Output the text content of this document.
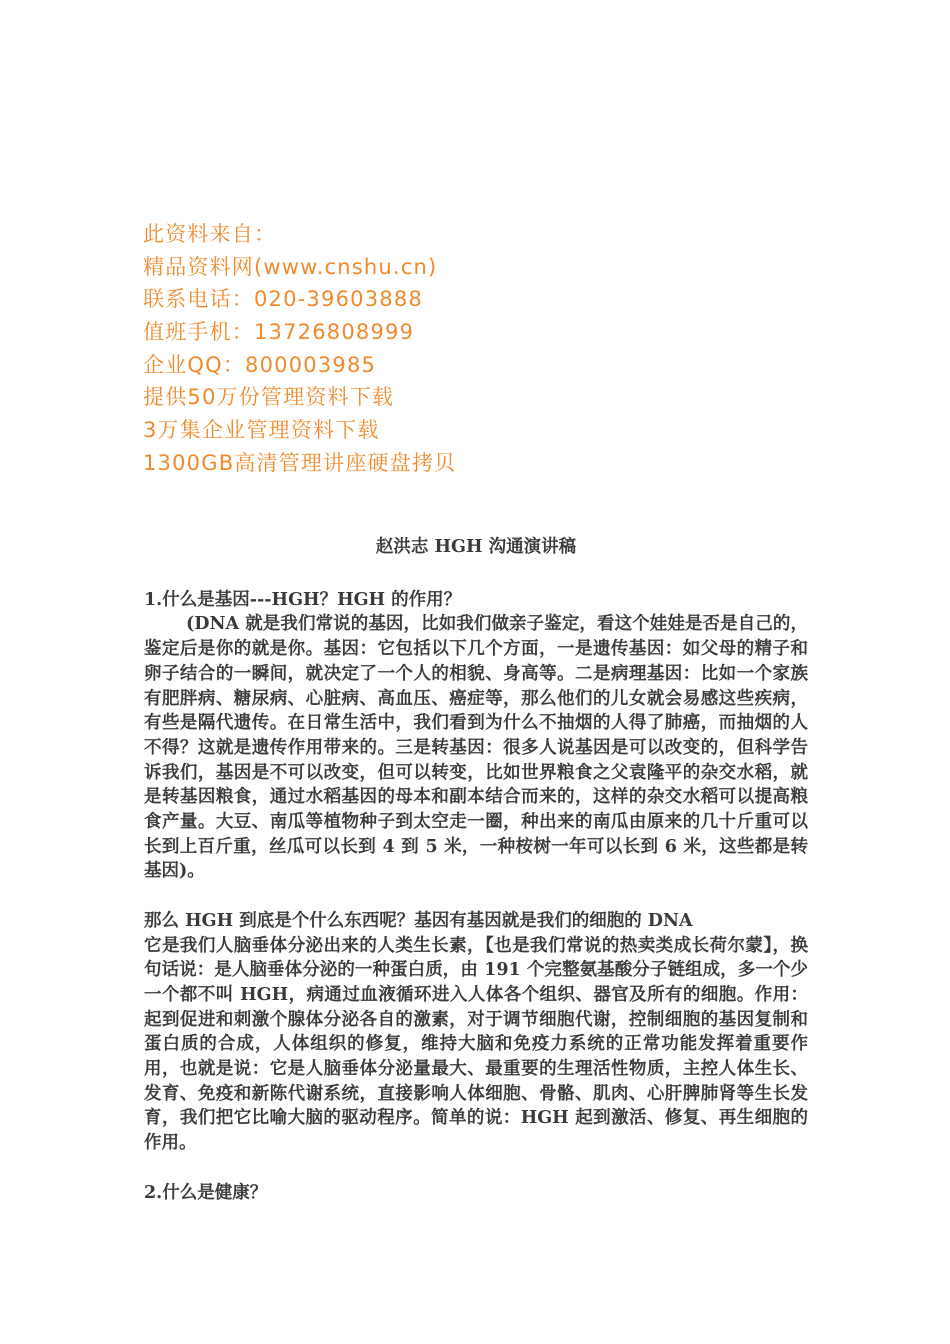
此资料来自：
精品资料网(www.cnshu.cn)
联系电话：020-39603888
值班手机：13726808999
企业QQ：800003985
提供50万份管理资料下载
3万集企业管理资料下载
1300GB高清管理讲座硬盘拷贝
赵洪志 HGH 沟通演讲稿

1.什么是基因---HGH？HGH 的作用？

(DNA 就是我们常说的基因，比如我们做亲子鉴定，看这个娃娃是否是自己的，鉴定后是你的就是你。基因：它包括以下几个方面，一是遗传基因：如父母的精子和卵子结合的一瞬间，就决定了一个人的相貌、身高等。二是病理基因：比如一个家族有肥胖病、糖尿病、心脏病、高血压、癌症等，那么他们的儿女就会易感这些疾病，有些是隔代遗传。在日常生活中，我们看到为什么不抽烟的人得了肺癌，而抽烟的人不得？这就是遗传作用带来的。三是转基因：很多人说基因是可以改变的，但科学告诉我们，基因是不可以改变，但可以转变，比如世界粮食之父袁隆平的杂交水稻，就是转基因粮食，通过水稻基因的母本和副本结合而来的，这样的杂交水稻可以提高粮食产量。大豆、南瓜等植物种子到太空走一圈，种出来的南瓜由原来的几十斤重可以长到上百斤重，丝瓜可以长到 4 到 5 米，一种桉树一年可以长到 6 米，这些都是转基因)。

那么 HGH 到底是个什么东西呢？基因有基因就是我们的细胞的 DNA

它是我们人脑垂体分泌出来的人类生长素，【也是我们常说的热卖类成长荷尔蒙】，换句话说：是人脑垂体分泌的一种蛋白质，由 191 个完整氨基酸分子链组成，多一个少一个都不叫 HGH，病通过血液循环进入人体各个组织、器官及所有的细胞。作用：起到促进和刺激个腺体分泌各自的激素，对于调节细胞代谢，控制细胞的基因复制和蛋白质的合成，人体组织的修复，维持大脑和免疫力系统的正常功能发挥着重要作用，也就是说：它是人脑垂体分泌量最大、最重要的生理活性物质，主控人体生长、发育、免疫和新陈代谢系统，直接影响人体细胞、骨骼、肌肉、心肝脾肺肾等生长发育，我们把它比喻大脑的驱动程序。简单的说：HGH 起到激活、修复、再生细胞的作用。

2.什么是健康？
